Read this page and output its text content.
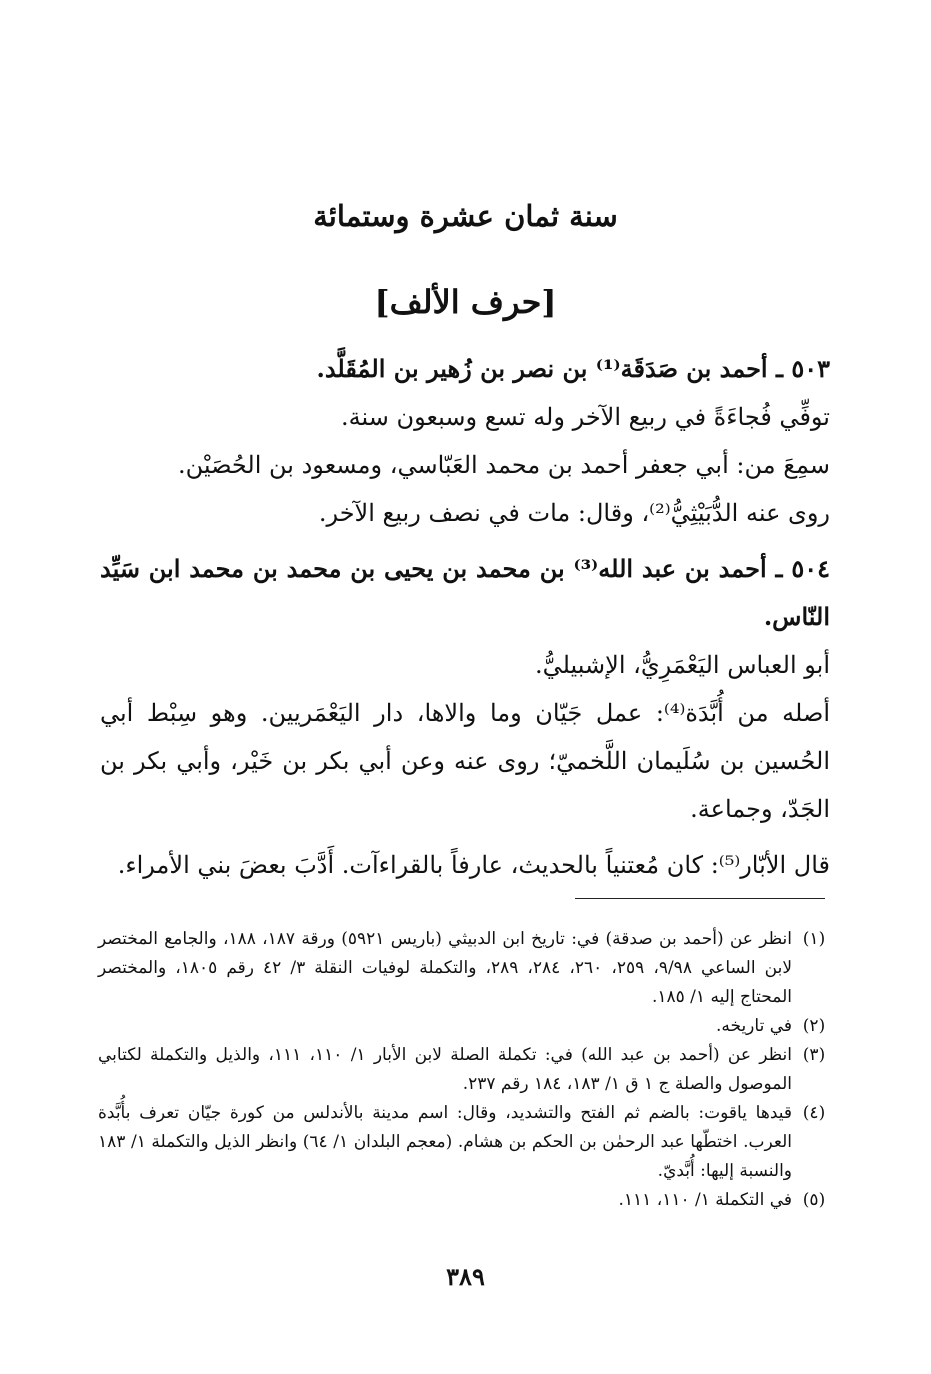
سنة ثمان عشرة وستمائة
[حرف الألف]

٥٠٣ ـ أحمد بن صَدَقَة⁽¹⁾ بن نصر بن زُهير بن المُقَلَّد.

توفِّي فُجاءَةً في ربيع الآخر وله تسع وسبعون سنة.

سمِعَ من: أبي جعفر أحمد بن محمد العَبّاسي، ومسعود بن الحُصَيْن.

روى عنه الدُّبَيْثِيُّ⁽²⁾، وقال: مات في نصف ربيع الآخر.

٥٠٤ ـ أحمد بن عبد الله⁽³⁾ بن محمد بن يحيى بن محمد بن محمد ابن سَيِّد النّاس.

أبو العباس اليَعْمَرِيُّ، الإشبيليُّ.

أصله من أُبَّدَة⁽⁴⁾: عمل جَيّان وما والاها، دار اليَعْمَريين. وهو سِبْط أبي الحُسين بن سُلَيمان اللَّخميّ؛ روى عنه وعن أبي بكر بن خَيْر، وأبي بكر بن الجَدّ، وجماعة.

قال الأبّار⁽⁵⁾: كان مُعتنياً بالحديث، عارفاً بالقراءآت. أَدَّبَ بعضَ بني الأمراء.

(١)
انظر عن (أحمد بن صدقة) في: تاريخ ابن الدبيثي (باريس ٥٩٢١) ورقة ١٨٧، ١٨٨، والجامع المختصر لابن الساعي ٩/٩٨، ٢٥٩، ٢٦٠، ٢٨٤، ٢٨٩، والتكملة لوفيات النقلة ٣/ ٤٢ رقم ١٨٠٥، والمختصر المحتاج إليه ١/ ١٨٥.
(٢)
في تاريخه.
(٣)
انظر عن (أحمد بن عبد الله) في: تكملة الصلة لابن الأبار ١/ ١١٠، ١١١، والذيل والتكملة لكتابي الموصول والصلة ج ١ ق ١/ ١٨٣، ١٨٤ رقم ٢٣٧.
(٤)
قيدها ياقوت: بالضم ثم الفتح والتشديد، وقال: اسم مدينة بالأندلس من كورة جيّان تعرف بأُبَّدة العرب. اختطّها عبد الرحمٰن بن الحكم بن هشام. (معجم البلدان ١/ ٦٤) وانظر الذيل والتكملة ١/ ١٨٣ والنسبة إليها: أُبَّديّ.
(٥)
في التكملة ١/ ١١٠، ١١١.
٣٨٩
